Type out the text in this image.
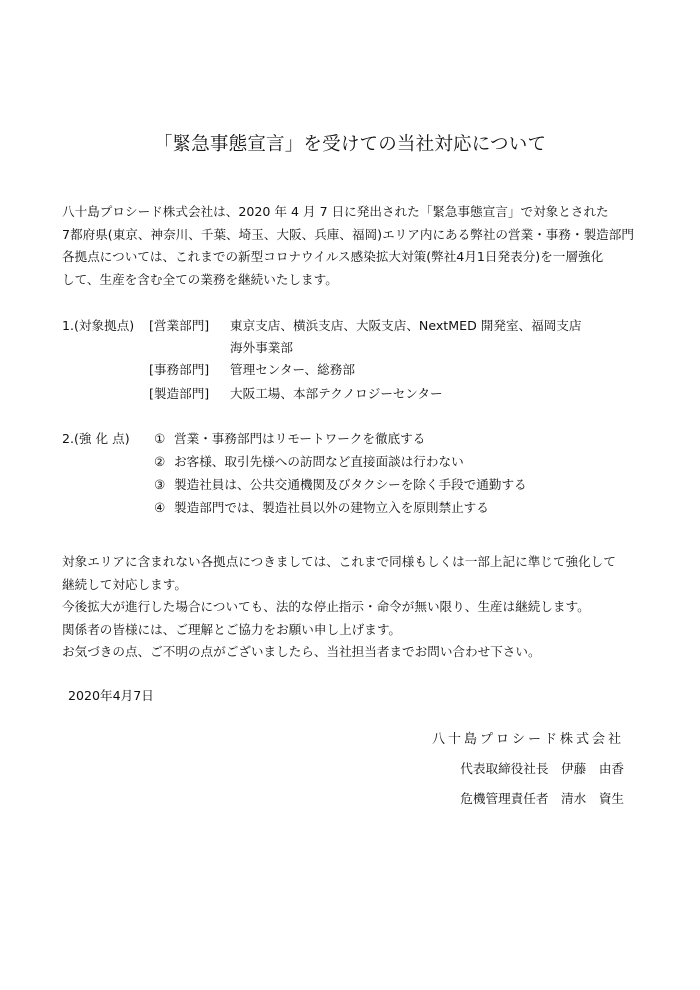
「緊急事態宣言」を受けての当社対応について
八十島プロシード株式会社は、2020 年 4 月 7 日に発出された「緊急事態宣言」で対象とされた
7都府県(東京、神奈川、千葉、埼玉、大阪、兵庫、福岡)エリア内にある弊社の営業・事務・製造部門
各拠点については、これまでの新型コロナウイルス感染拡大対策(弊社4月1日発表分)を一層強化
して、生産を含む全ての業務を継続いたします。
1.(対象拠点) [営業部門] 東京支店、横浜支店、大阪支店、NextMED 開発室、福岡支店
海外事業部
[事務部門] 管理センター、総務部
[製造部門] 大阪工場、本部テクノロジーセンター
2.(強 化 点) ① 営業・事務部門はリモートワークを徹底する
② お客様、取引先様への訪問など直接面談は行わない
③ 製造社員は、公共交通機関及びタクシーを除く手段で通勤する
④ 製造部門では、製造社員以外の建物立入を原則禁止する
対象エリアに含まれない各拠点につきましては、これまで同様もしくは一部上記に準じて強化して
継続して対応します。
今後拡大が進行した場合についても、法的な停止指示・命令が無い限り、生産は継続します。
関係者の皆様には、ご理解とご協力をお願い申し上げます。
お気づきの点、ご不明の点がございましたら、当社担当者までお問い合わせ下さい。
2020年4月7日
八十島プロシード株式会社
代表取締役社長　伊藤　由香
危機管理責任者　清水　資生
